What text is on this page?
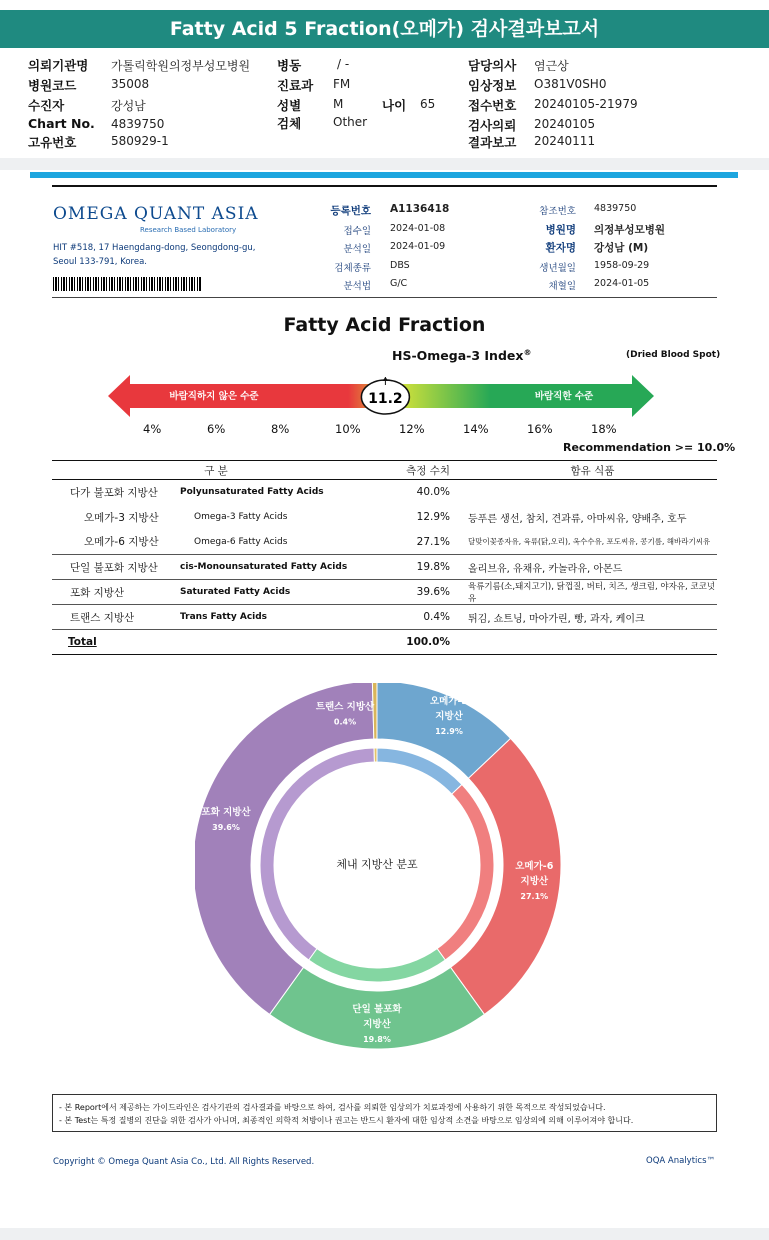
Fatty Acid 5 Fraction(오메가) 검사결과보고서
의뢰기관명 가톨릭학원의정부성모병원
병원코드	35008
수진자	강성남
Chart No. 4839750
고유번호	580929-1
병동	/ -
진료과 FM
성별	M	나이 65
검체	Other
담당의사 염근상
임상정보 O381V0SH0
접수번호 20240105-21979
검사의뢰 20240105
결과보고 20240111
OMEGA QUANT ASIA
Research Based Laboratory
HIT #518, 17 Haengdang-dong, Seongdong-gu,
Seoul 133-791, Korea.
등록번호 A1136418
접수일 2024-01-08
분석일 2024-01-09
검체종류 DBS
분석법 G/C
참조번호 4839750
병원명 의정부성모병원
환자명 강성남 (M)
생년월일 1958-09-29
채혈일 2024-01-05
Fatty Acid Fraction
HS-Omega-3 Index®	(Dried Blood Spot)
바람직하지 않은 수준	바람직한 수준
11.2
4%	6%	8%	10%	12%	14%	16%	18%
Recommendation >= 10.0%
구 분		측정 수치	함유 식품
다가 불포화 지방산	Polyunsaturated Fatty Acids	40.0%	
오메가-3 지방산	Omega-3 Fatty Acids	12.9%	등푸른 생선, 참치, 견과류, 아마씨유, 양배추, 호두
오메가-6 지방산	Omega-6 Fatty Acids	27.1%	달맞이꽃종자유, 육류(닭,오리), 옥수수유, 포도씨유, 콩기름, 해바라기씨유
단일 불포화 지방산	cis-Monounsaturated Fatty Acids	19.8%	올리브유, 유채유, 카놀라유, 아몬드
포화 지방산	Saturated Fatty Acids	39.6%	육류기름(소,돼지고기), 닭껍질, 버터, 치즈, 생크림, 야자유, 코코넛유
트랜스 지방산	Trans Fatty Acids	0.4%	튀김, 쇼트닝, 마아가린, 빵, 과자, 케이크
Total		100.0%	
체내 지방산 분포
오메가-3
지방산
12.9%
오메가-6
지방산
27.1%
단일 불포화
지방산
19.8%
포화 지방산
39.6%
트랜스 지방산
0.4%
- 본 Report에서 제공하는 가이드라인은 검사기관의 검사결과를 바탕으로 하여, 검사를 의뢰한 임상의가 치료과정에 사용하기 위한 목적으로 작성되었습니다.
- 본 Test는 특정 질병의 진단을 위한 검사가 아니며, 최종적인 의학적 처방이나 권고는 반드시 환자에 대한 임상적 소견을 바탕으로 임상의에 의해 이루어져야 합니다.
Copyright © Omega Quant Asia Co., Ltd. All Rights Reserved.	OQA Analytics™
